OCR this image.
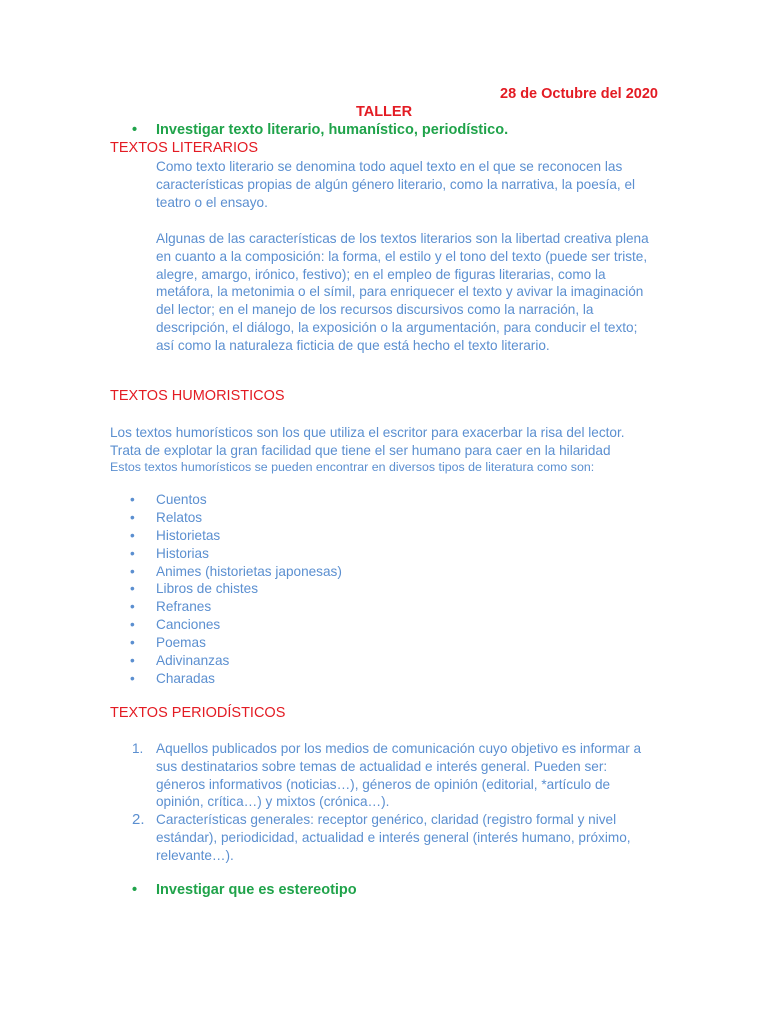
28 de Octubre del 2020
TALLER
• Investigar texto literario, humanístico, periodístico.
TEXTOS LITERARIOS

Como texto literario se denomina todo aquel texto en el que se reconocen las características propias de algún género literario, como la narrativa, la poesía, el teatro o el ensayo.

Algunas de las características de los textos literarios son la libertad creativa plena en cuanto a la composición: la forma, el estilo y el tono del texto (puede ser triste, alegre, amargo, irónico, festivo); en el empleo de figuras literarias, como la metáfora, la metonimia o el símil, para enriquecer el texto y avivar la imaginación del lector; en el manejo de los recursos discursivos como la narración, la descripción, el diálogo, la exposición o la argumentación, para conducir el texto; así como la naturaleza ficticia de que está hecho el texto literario.

TEXTOS HUMORISTICOS

Los textos humorísticos son los que utiliza el escritor para exacerbar la risa del lector. Trata de explotar la gran facilidad que tiene el ser humano para caer en la hilaridad

Estos textos humorísticos se pueden encontrar en diversos tipos de literatura como son:

• Cuentos
• Relatos
• Historietas
• Historias
• Animes (historietas japonesas)
• Libros de chistes
• Refranes
• Canciones
• Poemas
• Adivinanzas
• Charadas
TEXTOS PERIODÍSTICOS
1. Aquellos publicados por los medios de comunicación cuyo objetivo es informar a sus destinatarios sobre temas de actualidad e interés general. Pueden ser: géneros informativos (noticias…), géneros de opinión (editorial, *artículo de opinión, crítica…) y mixtos (crónica…).
2. Características generales: receptor genérico, claridad (registro formal y nivel estándar), periodicidad, actualidad e interés general (interés humano, próximo, relevante…).
• Investigar que es estereotipo
